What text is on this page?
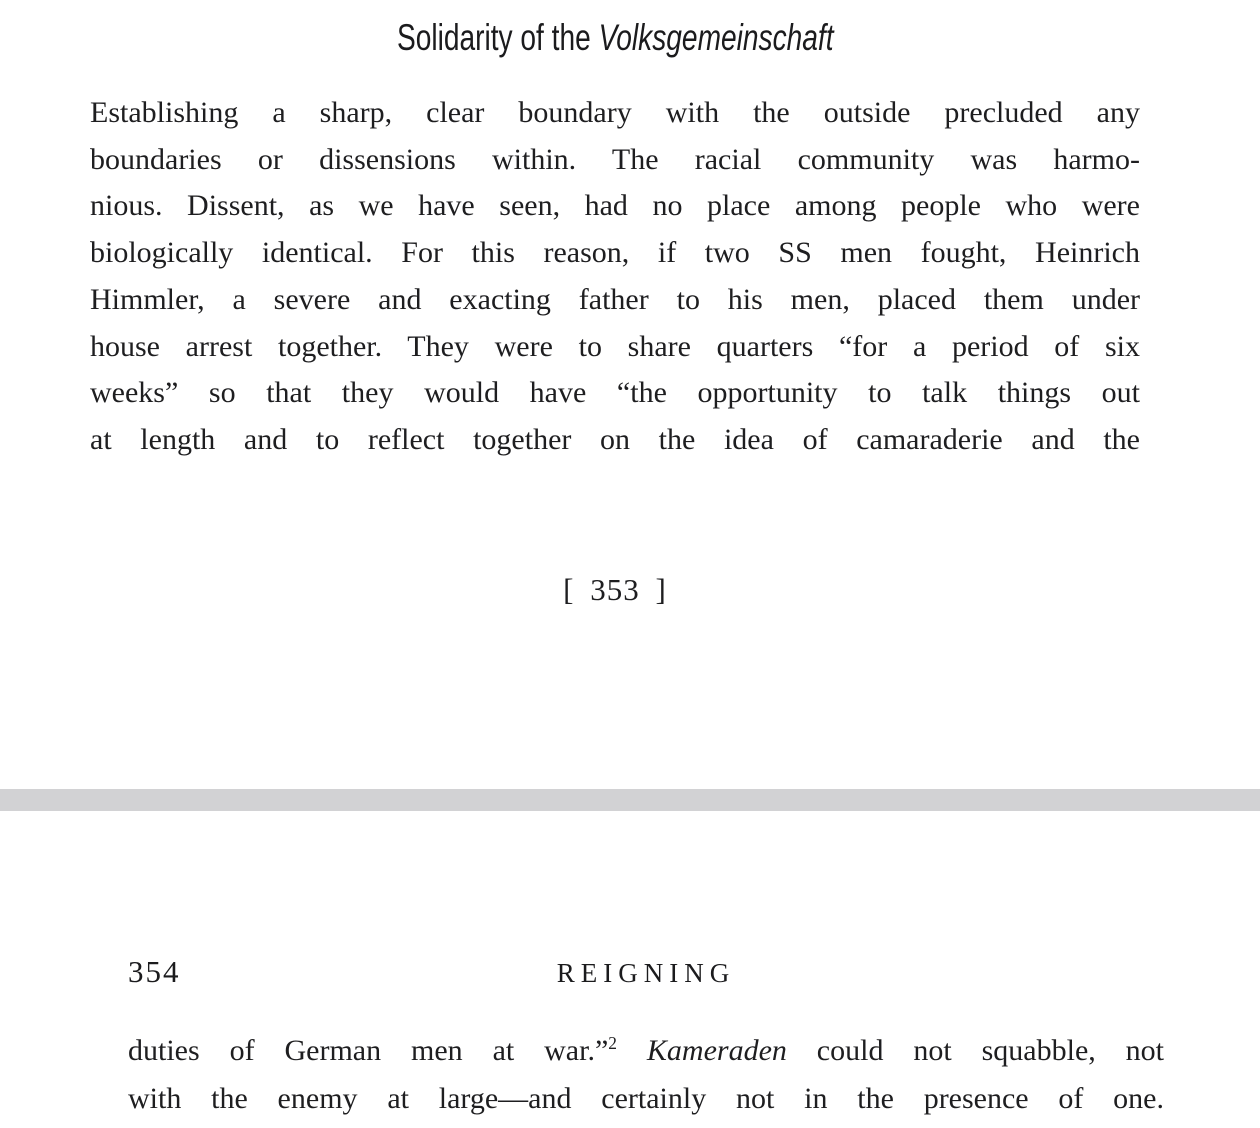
Solidarity of the Volksgemeinschaft
Establishing a sharp, clear boundary with the outside precluded any
boundaries or dissensions within. The racial community was harmo-
nious. Dissent, as we have seen, had no place among people who were
biologically identical. For this reason, if two SS men fought, Heinrich
Himmler, a severe and exacting father to his men, placed them under
house arrest together. They were to share quarters “for a period of six
weeks” so that they would have “the opportunity to talk things out
at length and to reflect together on the idea of camaraderie and the
[ 353 ]
354	REIGNING
duties of German men at war.”$^2$ Kameraden could not squabble, not
with the enemy at large—and certainly not in the presence of one.
